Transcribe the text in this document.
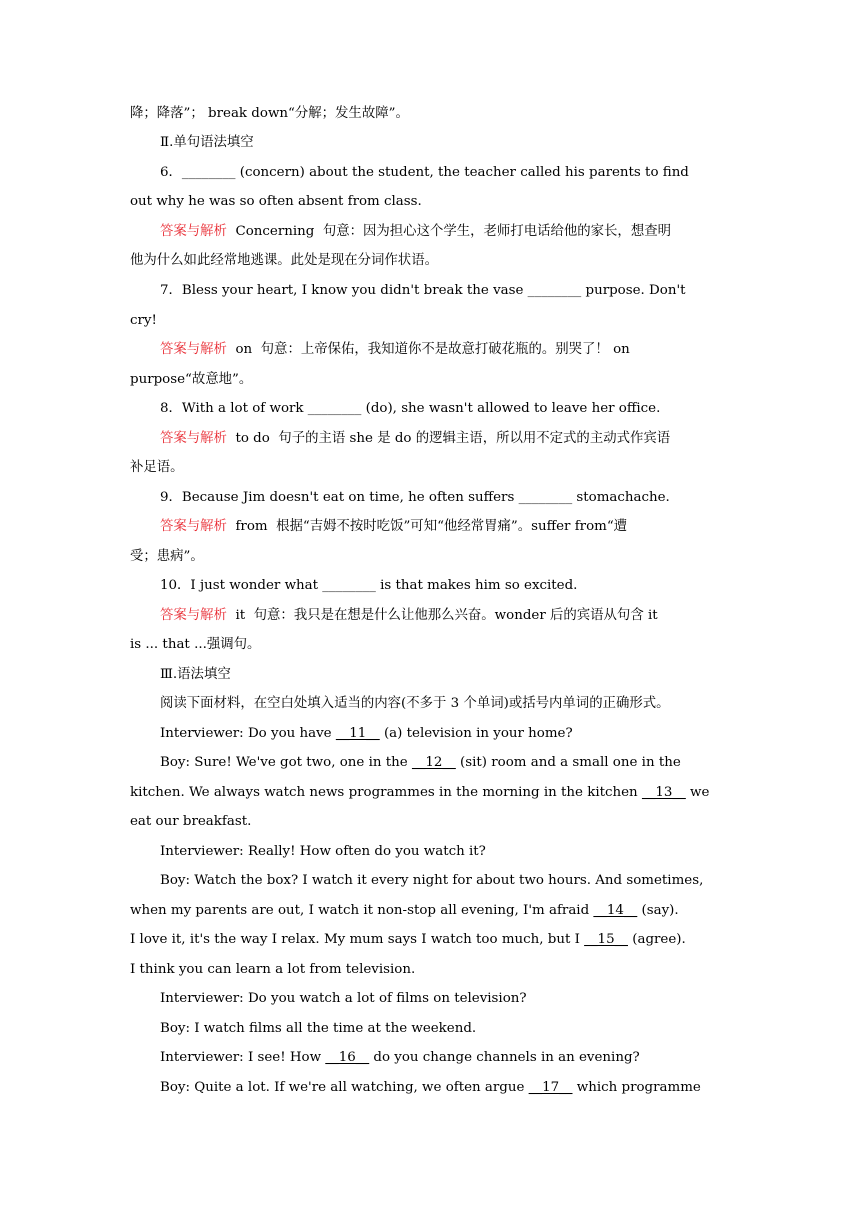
降；降落”； break down“分解；发生故障”。
Ⅱ.单句语法填空
6．________ (concern) about the student, the teacher called his parents to find
out why he was so often absent from class.
答案与解析  Concerning  句意：因为担心这个学生，老师打电话给他的家长，想查明
他为什么如此经常地逃课。此处是现在分词作状语。
7．Bless your heart, I know you didn't break the vase ________ purpose. Don't
cry!
答案与解析  on  句意：上帝保佑，我知道你不是故意打破花瓶的。别哭了！ on
purpose“故意地”。
8．With a lot of work ________ (do), she wasn't allowed to leave her office.
答案与解析  to do  句子的主语 she 是 do 的逻辑主语，所以用不定式的主动式作宾语
补足语。
9．Because Jim doesn't eat on time, he often suffers ________ stomachache.
答案与解析  from  根据“吉姆不按时吃饭”可知“他经常胃痛”。suffer from“遭
受；患病”。
10．I just wonder what ________ is that makes him so excited.
答案与解析  it  句意：我只是在想是什么让他那么兴奋。wonder 后的宾语从句含 it
is ... that ...强调句。
Ⅲ.语法填空
阅读下面材料，在空白处填入适当的内容(不多于 3 个单词)或括号内单词的正确形式。
Interviewer: Do you have __11__ (a) television in your home?
Boy: Sure! We've got two, one in the __12__ (sit) room and a small one in the
kitchen. We always watch news programmes in the morning in the kitchen __13__ we
eat our breakfast.
Interviewer: Really! How often do you watch it?
Boy: Watch the box? I watch it every night for about two hours. And sometimes,
when my parents are out, I watch it non-stop all evening, I'm afraid __14__ (say).
I love it, it's the way I relax. My mum says I watch too much, but I __15__ (agree).
I think you can learn a lot from television.
Interviewer: Do you watch a lot of films on television?
Boy: I watch films all the time at the weekend.
Interviewer: I see! How __16__ do you change channels in an evening?
Boy: Quite a lot. If we're all watching, we often argue __17__ which programme
